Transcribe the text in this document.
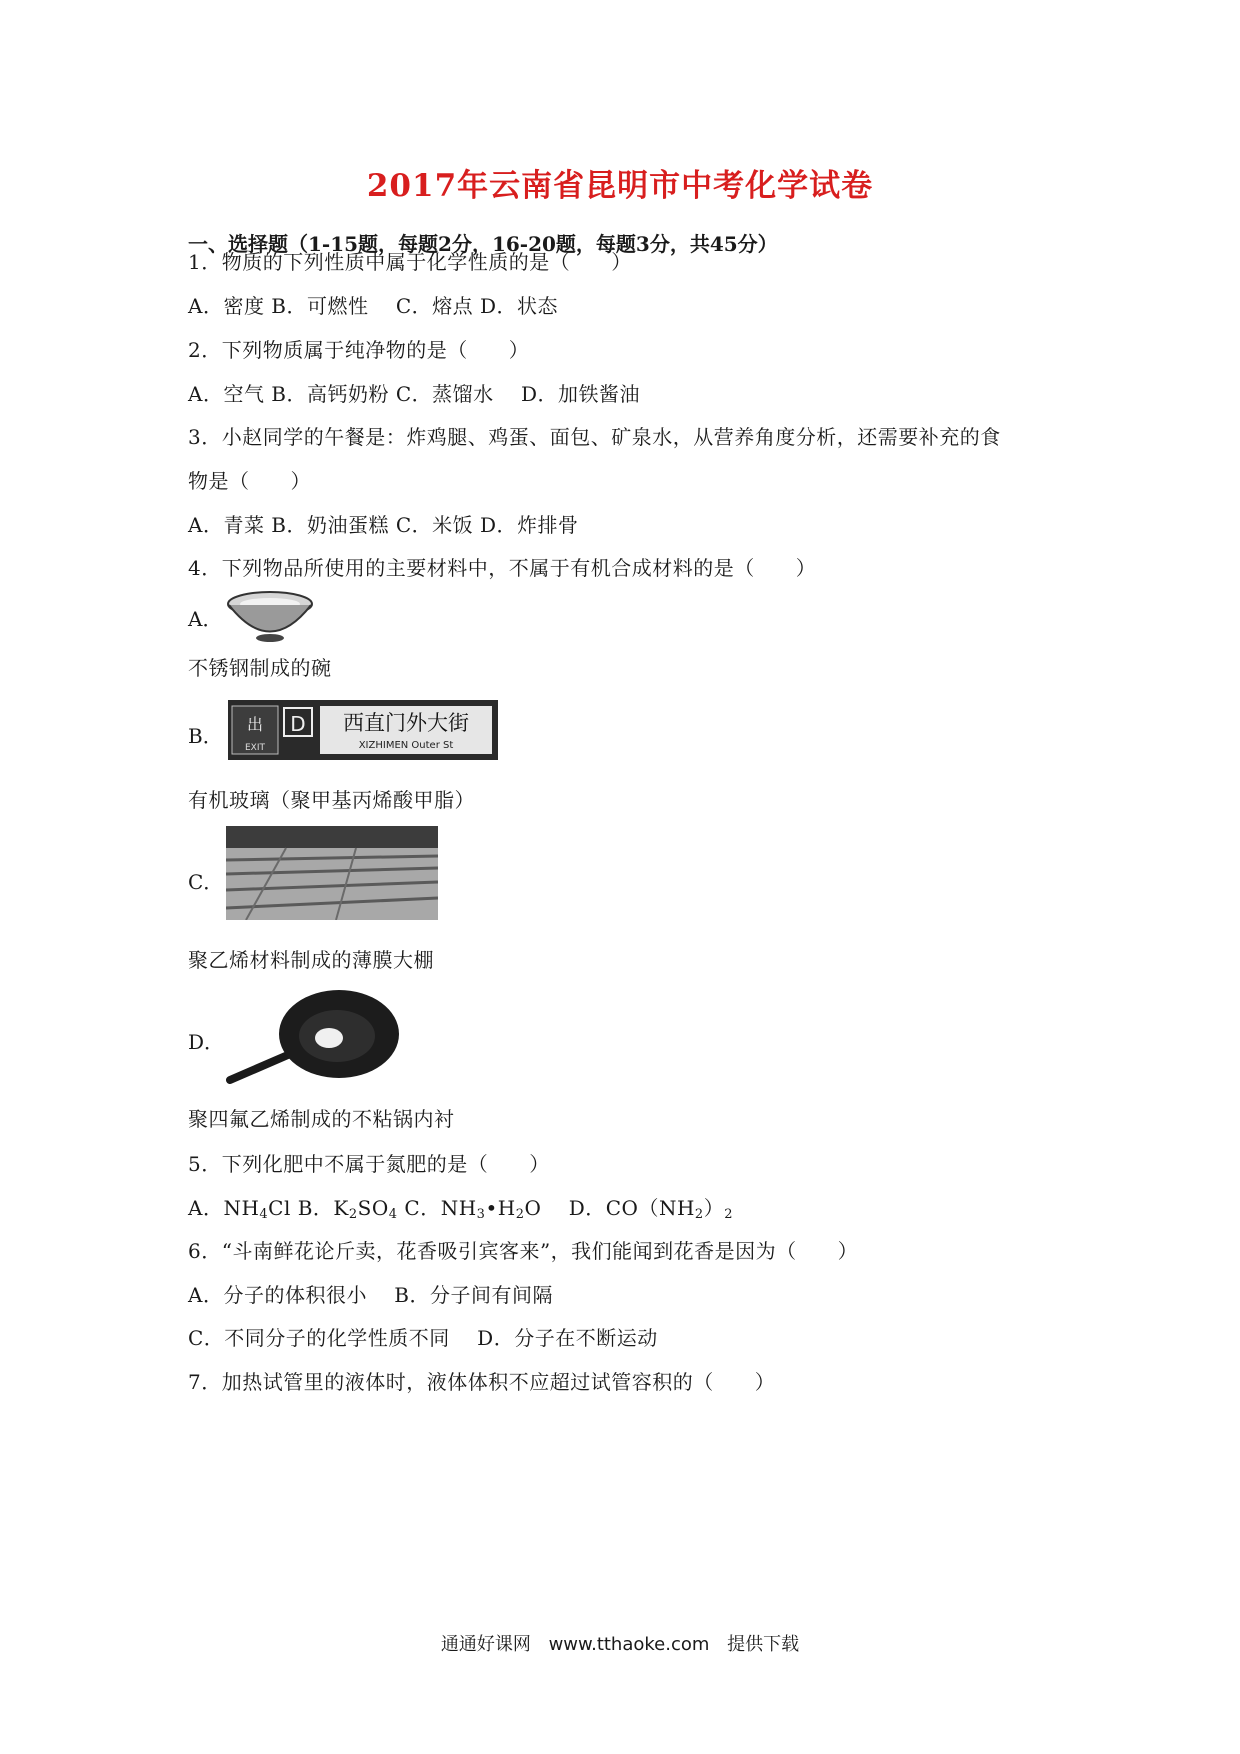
2017年云南省昆明市中考化学试卷
一、选择题（1-15题，每题2分，16-20题，每题3分，共45分）
1．物质的下列性质中属于化学性质的是（　　）
A．密度 B．可燃性　 C．熔点 D．状态
2．下列物质属于纯净物的是（　　）
A．空气 B．高钙奶粉 C．蒸馏水　 D．加铁酱油
3．小赵同学的午餐是：炸鸡腿、鸡蛋、面包、矿泉水，从营养角度分析，还需要补充的食
物是（　　）
A．青菜 B．奶油蛋糕 C．米饭 D．炸排骨
4．下列物品所使用的主要材料中，不属于有机合成材料的是（　　）
A．
不锈钢制成的碗
B． 出
EXIT
D 西直门外大街
XIZHIMEN Outer St
有机玻璃（聚甲基丙烯酸甲脂）
C．
聚乙烯材料制成的薄膜大棚
D．
聚四氟乙烯制成的不粘锅内衬
5．下列化肥中不属于氮肥的是（　　）
A．$NH_4Cl$ B．$K_2SO_4$ C．$NH_3•H_2O$　 D．$CO(NH_2)_2$
6．“斗南鲜花论斤卖，花香吸引宾客来”，我们能闻到花香是因为（　　）
A．分子的体积很小　 B．分子间有间隔
C．不同分子的化学性质不同　 D．分子在不断运动
7．加热试管里的液体时，液体体积不应超过试管容积的（　　）
通通好课网 www.tthaoke.com 提供下载
